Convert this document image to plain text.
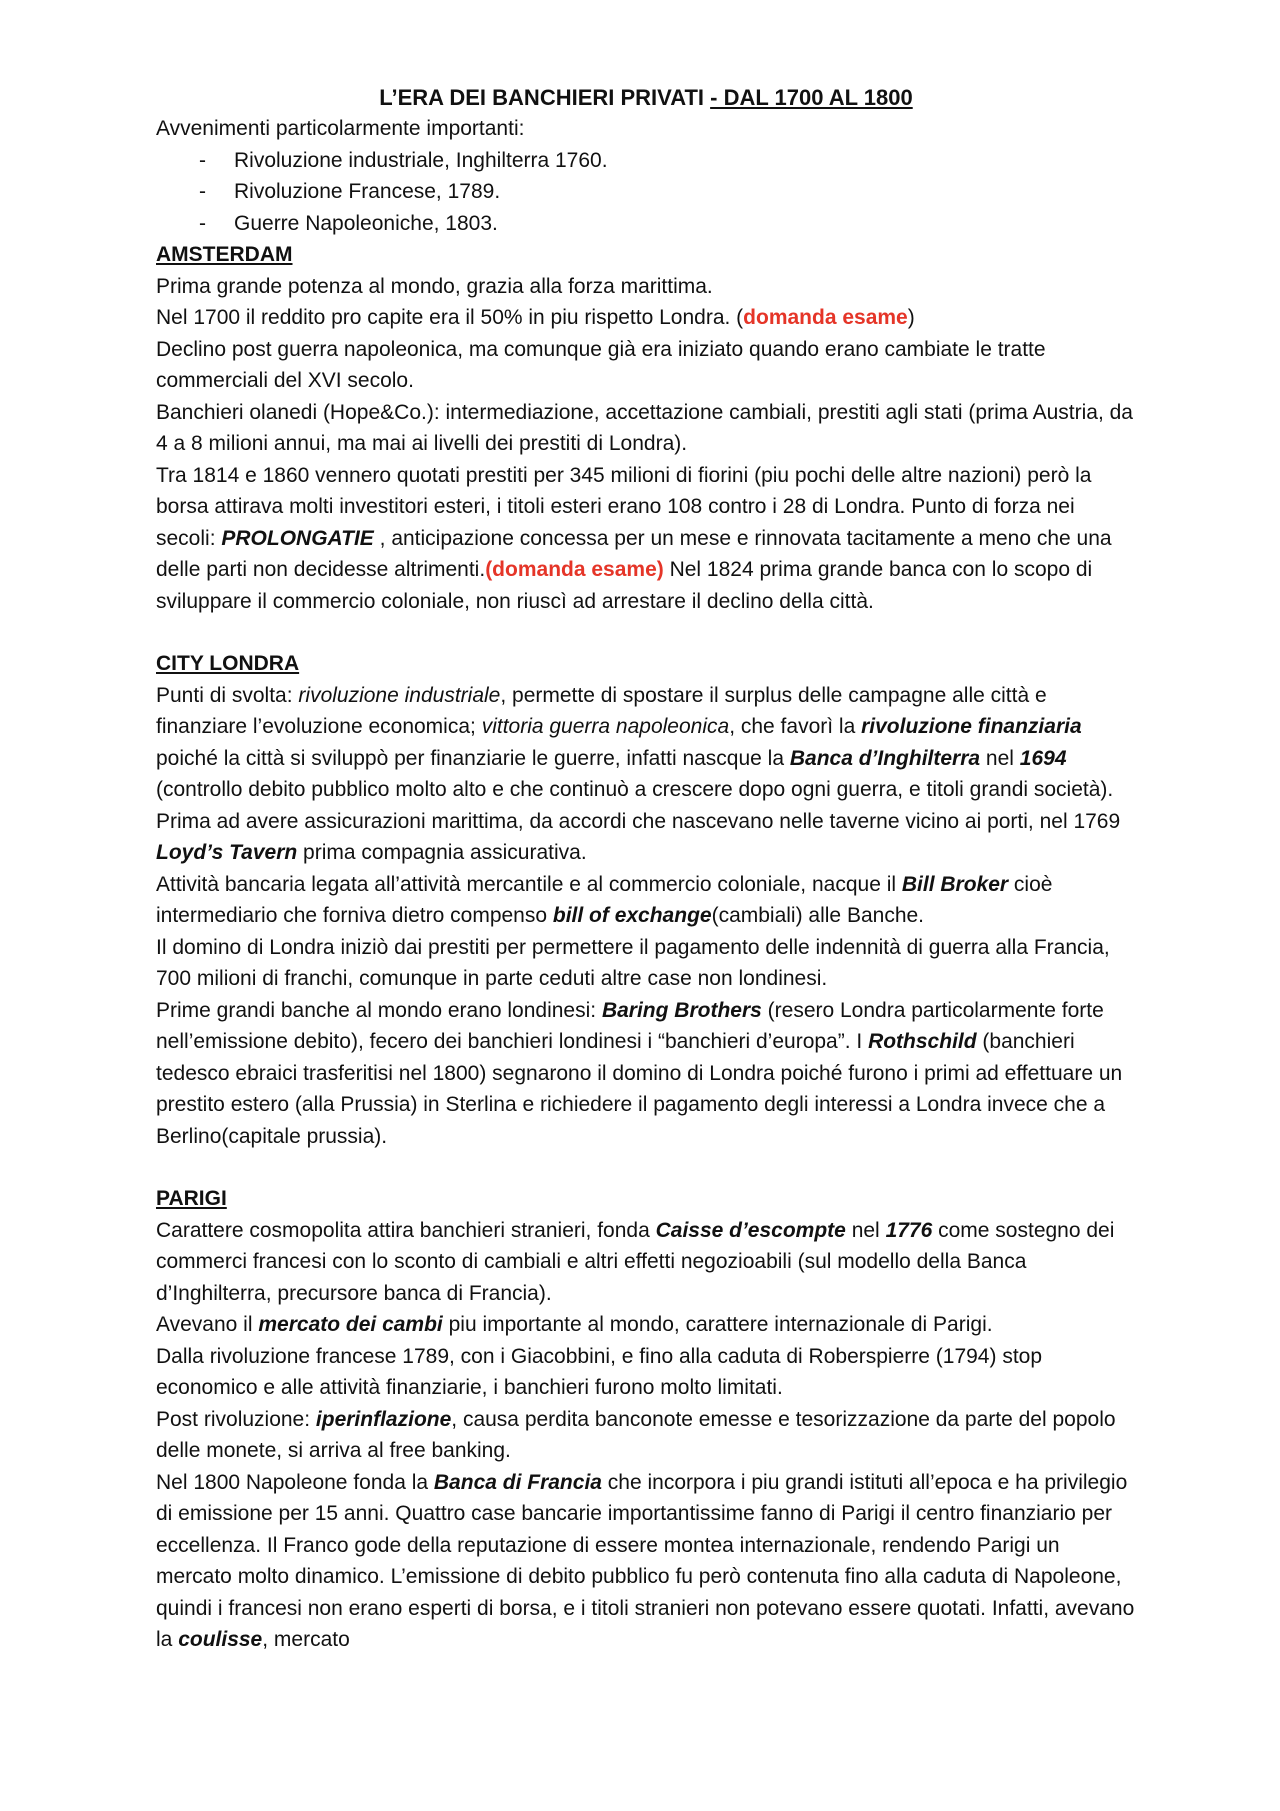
L’ERA DEI BANCHIERI PRIVATI - DAL 1700 AL 1800

Avvenimenti particolarmente importanti:

- Rivoluzione industriale, Inghilterra 1760.
- Rivoluzione Francese, 1789.
- Guerre Napoleoniche, 1803.

AMSTERDAM

Prima grande potenza al mondo, grazia alla forza marittima.

Nel 1700 il reddito pro capite era il 50% in piu rispetto Londra. (domanda esame)

Declino post guerra napoleonica, ma comunque già era iniziato quando erano cambiate le tratte commerciali del XVI secolo.

Banchieri olanedi (Hope&Co.): intermediazione, accettazione cambiali, prestiti agli stati (prima Austria, da 4 a 8 milioni annui, ma mai ai livelli dei prestiti di Londra).

Tra 1814 e 1860 vennero quotati prestiti per 345 milioni di fiorini (piu pochi delle altre nazioni) però la borsa attirava molti investitori esteri, i titoli esteri erano 108 contro i 28 di Londra. Punto di forza nei secoli: PROLONGATIE , anticipazione concessa per un mese e rinnovata tacitamente a meno che una delle parti non decidesse altrimenti.(domanda esame) Nel 1824 prima grande banca con lo scopo di sviluppare il commercio coloniale, non riuscì ad arrestare il declino della città.

CITY LONDRA

Punti di svolta: rivoluzione industriale, permette di spostare il surplus delle campagne alle città e finanziare l’evoluzione economica; vittoria guerra napoleonica, che favorì la rivoluzione finanziaria poiché la città si sviluppò per finanziarie le guerre, infatti nascque la Banca d’Inghilterra nel 1694 (controllo debito pubblico molto alto e che continuò a crescere dopo ogni guerra, e titoli grandi società).

Prima ad avere assicurazioni marittima, da accordi che nascevano nelle taverne vicino ai porti, nel 1769 Loyd’s Tavern prima compagnia assicurativa.

Attività bancaria legata all’attività mercantile e al commercio coloniale, nacque il Bill Broker cioè intermediario che forniva dietro compenso bill of exchange(cambiali) alle Banche.

Il domino di Londra iniziò dai prestiti per permettere il pagamento delle indennità di guerra alla Francia, 700 milioni di franchi, comunque in parte ceduti altre case non londinesi.

Prime grandi banche al mondo erano londinesi: Baring Brothers (resero Londra particolarmente forte nell’emissione debito), fecero dei banchieri londinesi i “banchieri d’europa”. I Rothschild (banchieri tedesco ebraici trasferitisi nel 1800) segnarono il domino di Londra poiché furono i primi ad effettuare un prestito estero (alla Prussia) in Sterlina e richiedere il pagamento degli interessi a Londra invece che a Berlino(capitale prussia).

PARIGI

Carattere cosmopolita attira banchieri stranieri, fonda Caisse d’escompte nel 1776 come sostegno dei commerci francesi con lo sconto di cambiali e altri effetti negozioabili (sul modello della Banca d’Inghilterra, precursore banca di Francia).

Avevano il mercato dei cambi piu importante al mondo, carattere internazionale di Parigi.

Dalla rivoluzione francese 1789, con i Giacobbini, e fino alla caduta di Roberspierre (1794) stop economico e alle attività finanziarie, i banchieri furono molto limitati.

Post rivoluzione: iperinflazione, causa perdita banconote emesse e tesorizzazione da parte del popolo delle monete, si arriva al free banking.

Nel 1800 Napoleone fonda la Banca di Francia che incorpora i piu grandi istituti all’epoca e ha privilegio di emissione per 15 anni. Quattro case bancarie importantissime fanno di Parigi il centro finanziario per eccellenza. Il Franco gode della reputazione di essere montea internazionale, rendendo Parigi un mercato molto dinamico. L’emissione di debito pubblico fu però contenuta fino alla caduta di Napoleone, quindi i francesi non erano esperti di borsa, e i titoli stranieri non potevano essere quotati. Infatti, avevano la coulisse, mercato
